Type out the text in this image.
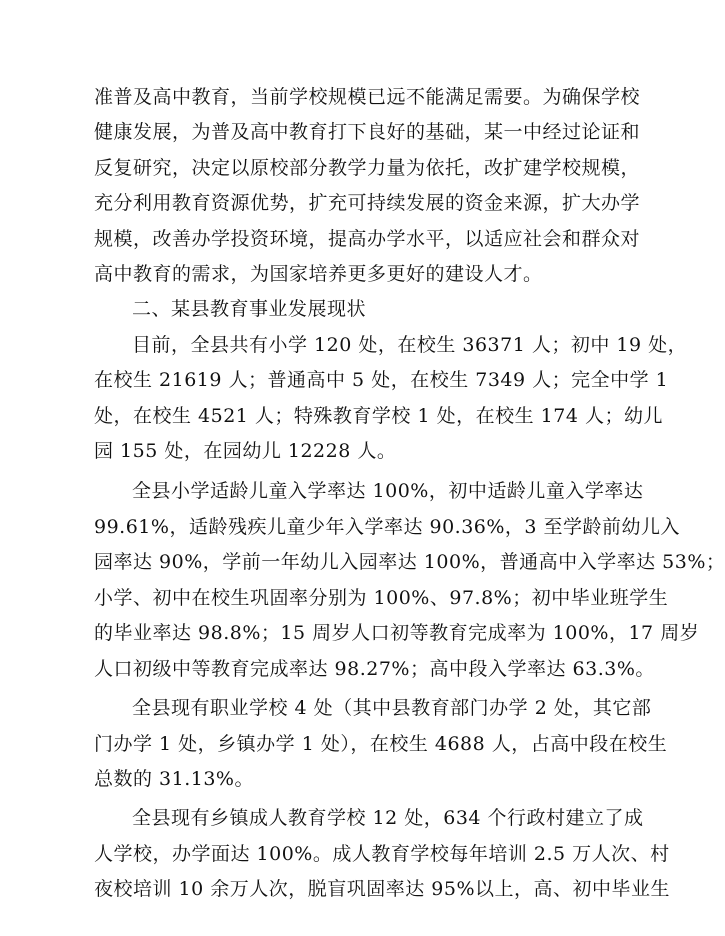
准普及高中教育，当前学校规模已远不能满足需要。为确保学校
健康发展，为普及高中教育打下良好的基础，某一中经过论证和
反复研究，决定以原校部分教学力量为依托，改扩建学校规模，
充分利用教育资源优势，扩充可持续发展的资金来源，扩大办学
规模，改善办学投资环境，提高办学水平，以适应社会和群众对
高中教育的需求，为国家培养更多更好的建设人才。
二、某县教育事业发展现状
目前，全县共有小学 120 处，在校生 36371 人；初中 19 处，
在校生 21619 人；普通高中 5 处，在校生 7349 人；完全中学 1
处，在校生 4521 人；特殊教育学校 1 处，在校生 174 人；幼儿
园 155 处，在园幼儿 12228 人。
全县小学适龄儿童入学率达 100%，初中适龄儿童入学率达
99.61%，适龄残疾儿童少年入学率达 90.36%，3 至学龄前幼儿入
园率达 90%，学前一年幼儿入园率达 100%，普通高中入学率达 53%；
小学、初中在校生巩固率分别为 100%、97.8%；初中毕业班学生
的毕业率达 98.8%；15 周岁人口初等教育完成率为 100%，17 周岁
人口初级中等教育完成率达 98.27%；高中段入学率达 63.3%。
全县现有职业学校 4 处（其中县教育部门办学 2 处，其它部
门办学 1 处，乡镇办学 1 处），在校生 4688 人，占高中段在校生
总数的 31.13%。
全县现有乡镇成人教育学校 12 处，634 个行政村建立了成
人学校，办学面达 100%。成人教育学校每年培训 2.5 万人次、村
夜校培训 10 余万人次，脱盲巩固率达 95%以上，高、初中毕业生
